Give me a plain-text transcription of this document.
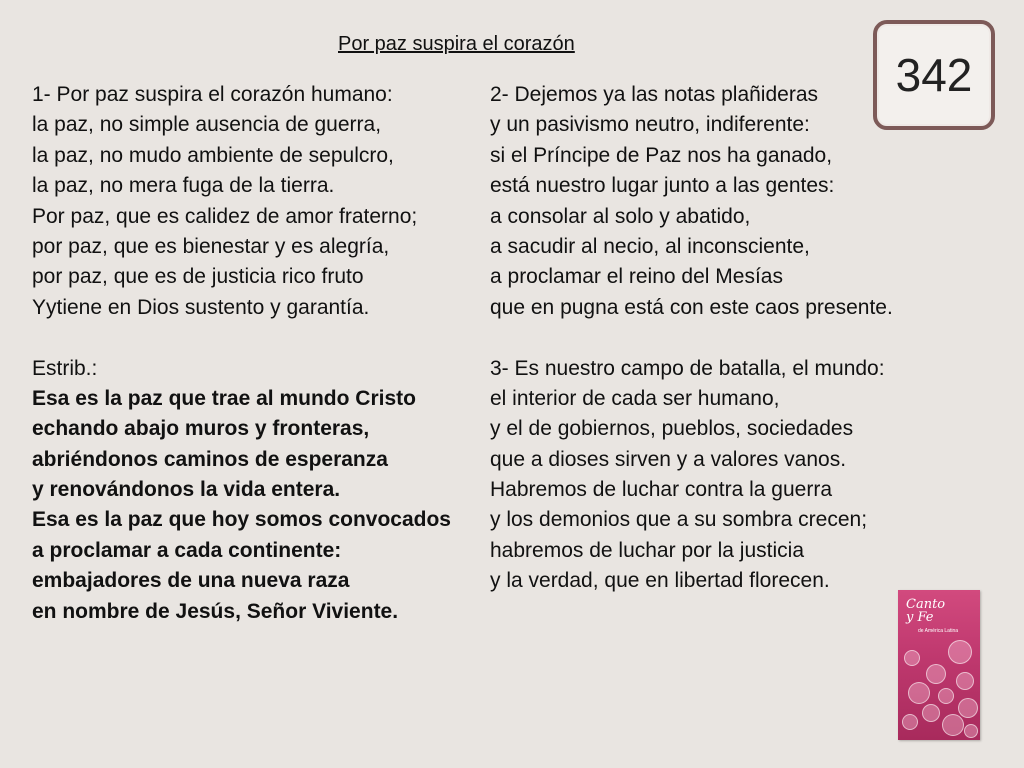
Por paz suspira el corazón
342
1- Por paz suspira el corazón humano:
la paz, no simple ausencia de guerra,
la paz, no mudo ambiente de sepulcro,
la paz, no mera fuga de la tierra.
Por paz, que es calidez de amor fraterno;
por paz, que es bienestar y es alegría,
por paz, que es de justicia rico fruto
Yytiene en Dios sustento y garantía.
Estrib.:
Esa es la paz que trae al mundo Cristo
echando abajo muros y fronteras,
abriéndonos caminos de esperanza
y renovándonos la vida entera.
Esa es la paz que hoy somos convocados
a proclamar a cada continente:
embajadores de una nueva raza
en nombre de Jesús, Señor Viviente.
2- Dejemos ya las notas plañideras
y un pasivismo neutro, indiferente:
si el Príncipe de Paz nos ha ganado,
está nuestro lugar junto a las gentes:
a consolar al solo y abatido,
a sacudir al necio, al inconsciente,
a proclamar el reino del Mesías
que en pugna está con este caos presente.
3- Es nuestro campo de batalla, el mundo:
el interior de cada ser humano,
y el de gobiernos, pueblos, sociedades
que a dioses sirven y a valores vanos.
Habremos de luchar contra la guerra
y los demonios que a su sombra crecen;
habremos de luchar por la justicia
y la verdad, que en libertad florecen.
Canto
y Fe
de América Latina
